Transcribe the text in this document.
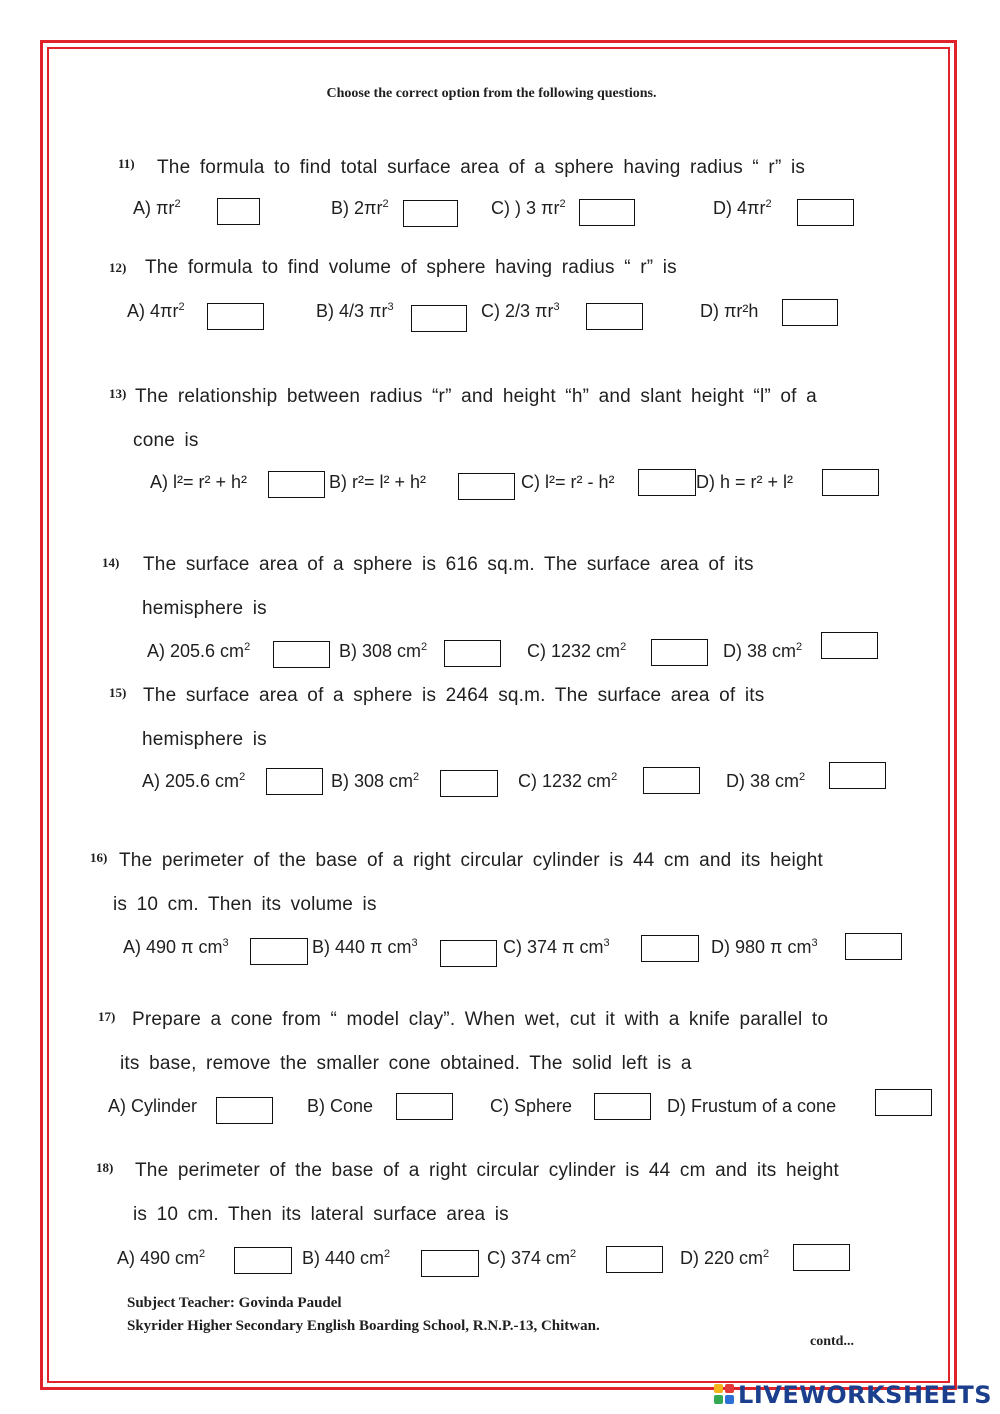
Choose the correct option from the following questions.
11) The formula to find total surface area of a sphere having radius “ r” is
A) $\pi r^2$	B) $2\pi r^2$	C) ) 3 $\pi r^2$	D) $4\pi r^2$
12) The formula to find volume of sphere having radius “ r” is
A) $4\pi r^2$	B) 4/3 $\pi r^3$	C) 2/3 $\pi r^3$	D) πr²h
13) The relationship between radius “r” and height “h” and slant height “l” of a
cone is
A) l²= r² + h²	B) r²= l² + h²	C) l²= r² - h²	D) h = r² + l²
14) The surface area of a sphere is 616 sq.m. The surface area of its
hemisphere is
A) 205.6 $cm^2$	B) 308 $cm^2$	C) 1232 $cm^2$	D) 38 $cm^2$
15) The surface area of a sphere is 2464 sq.m. The surface area of its
hemisphere is
A) 205.6 $cm^2$	B) 308 $cm^2$	C) 1232 $cm^2$	D) 38 $cm^2$
16) The perimeter of the base of a right circular cylinder is 44 cm and its height
is 10 cm. Then its volume is
A) 490 π $cm^3$	B) 440 π $cm^3$	C) 374 π $cm^3$	D) 980 π $cm^3$
17) Prepare a cone from “ model clay”. When wet, cut it with a knife parallel to
its base, remove the smaller cone obtained. The solid left is a
A) Cylinder	B) Cone	C) Sphere	D) Frustum of a cone
18) The perimeter of the base of a right circular cylinder is 44 cm and its height
is 10 cm. Then its lateral surface area is
A) 490 $cm^2$	B) 440 $cm^2$	C) 374 $cm^2$	D) 220 $cm^2$
Subject Teacher: Govinda Paudel
Skyrider Higher Secondary English Boarding School, R.N.P.-13, Chitwan.
contd...
LIVEWORKSHEETS
